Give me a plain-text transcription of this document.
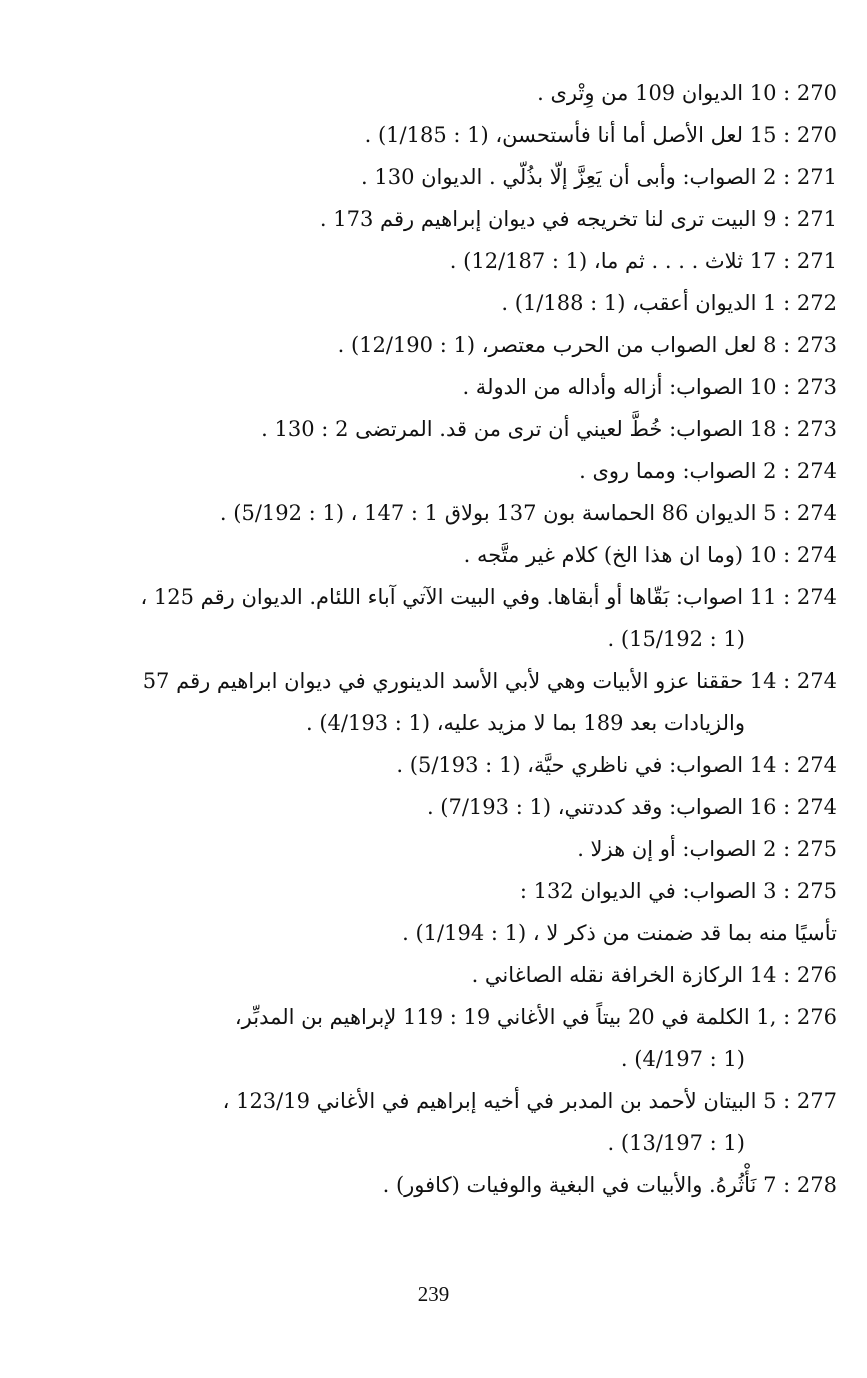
270 : 10 الديوان 109 من وِتْرى .
270 : 15 لعل الأصل أما أنا فأستحسن، (1 : 1/185) .
271 : 2 الصواب: وأبى أن يَعِزَّ إلّا بذُلّي . الديوان 130 .
271 : 9 البيت ترى لنا تخريجه في ديوان إبراهيم رقم 173 .
271 : 17 ثلاث . . . . ثم ما، (1 : 12/187) .
272 : 1 الديوان أعقب، (1 : 1/188) .
273 : 8 لعل الصواب من الحرب معتصر، (1 : 12/190) .
273 : 10 الصواب: أزاله وأداله من الدولة .
273 : 18 الصواب: خُطَّ لعيني أن ترى من قد. المرتضى 2 : 130 .
274 : 2 الصواب: ومما روى .
274 : 5 الديوان 86 الحماسة بون 137 بولاق 1 : 147 ، (1 : 5/192) .
274 : 10 (وما ان هذا الخ) كلام غير متَّجه .
274 : 11 اصواب: بَقّاها أو أبقاها. وفي البيت الآتي آباء اللئام. الديوان رقم 125 ،
(1 : 15/192) .
274 : 14 حققنا عزو الأبيات وهي لأبي الأسد الدينوري في ديوان ابراهيم رقم 57
والزيادات بعد 189 بما لا مزيد عليه، (1 : 4/193) .
274 : 14 الصواب: في ناظري حيَّة، (1 : 5/193) .
274 : 16 الصواب: وقد كددتني، (1 : 7/193) .
275 : 2 الصواب: أو إن هزلا .
275 : 3 الصواب: في الديوان 132 :
تأسيًا منه بما قد ضمنت من ذكر لا ، (1 : 1/194) .
276 : 14 الركازة الخرافة نقله الصاغاني .
276 : ,1 الكلمة في 20 بيتاً في الأغاني 19 : 119 لإبراهيم بن المدبِّر،
(1 : 4/197) .
277 : 5 البيتان لأحمد بن المدبر في أخيه إبراهيم في الأغاني 123/19 ،
(1 : 13/197) .
278 : 7 نَأْثُرهُ. والأبيات في البغية والوفيات (كافور) .
239
